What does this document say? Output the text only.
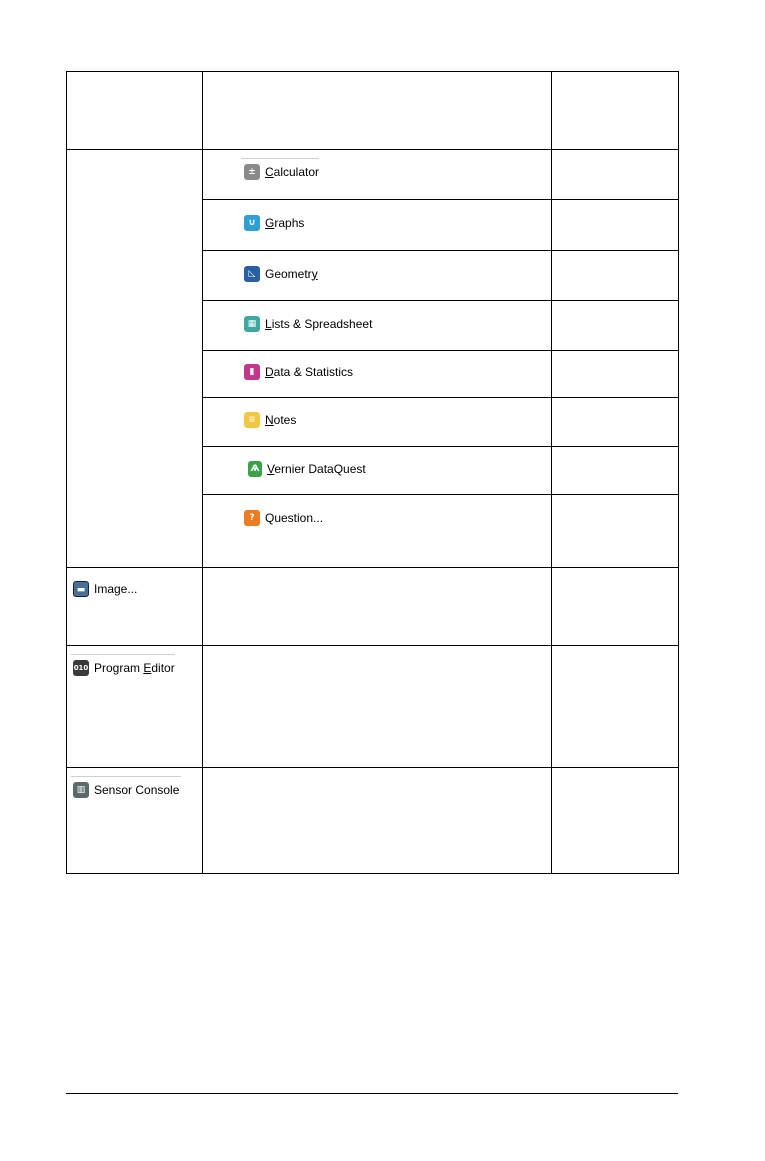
± Calculator
∪ Graphs
◺ Geometry
▦ Lists & Spreadsheet
▮ Data & Statistics
≡ Notes
Ѧ Vernier DataQuest
? Question...
▬ Image...
010 Program Editor
▥ Sensor Console
